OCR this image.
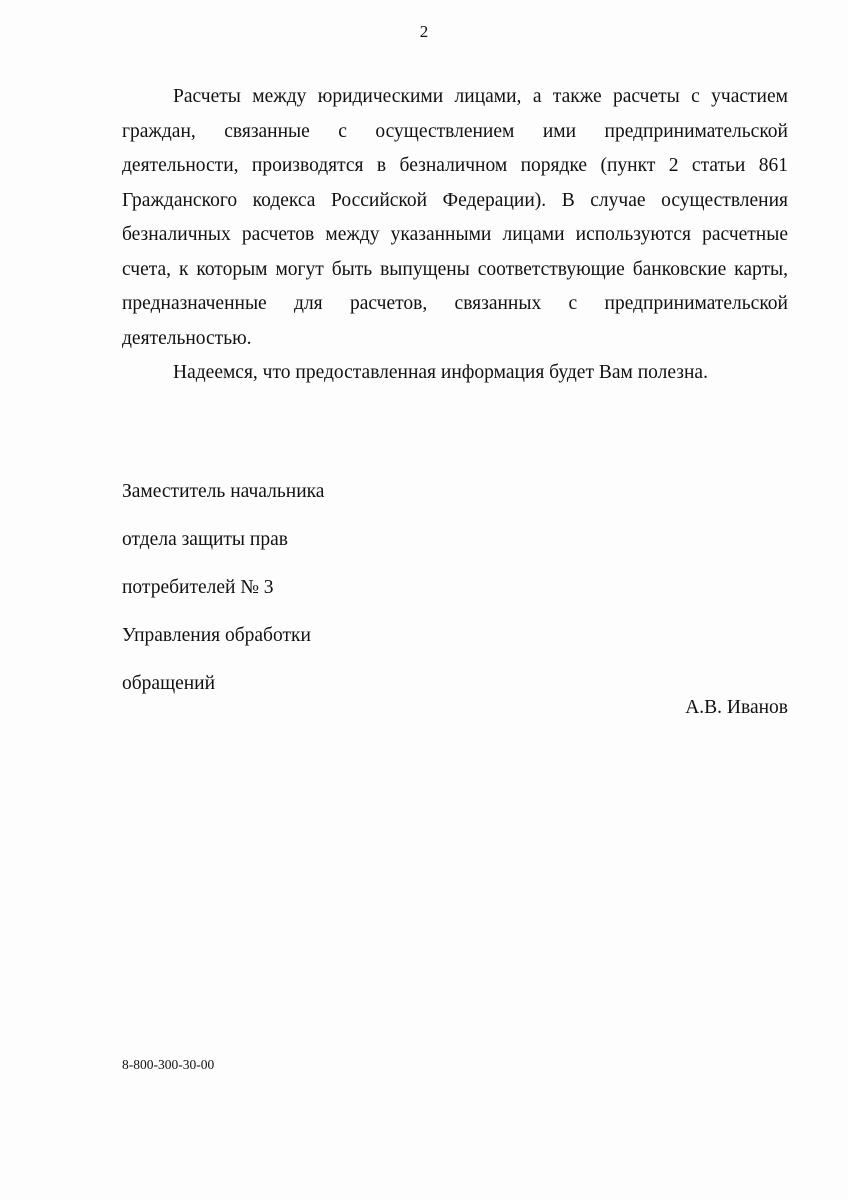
2

Расчеты между юридическими лицами, а также расчеты с участием граждан, связанные с осуществлением ими предпринимательской деятельности, производятся в безналичном порядке (пункт 2 статьи 861 Гражданского кодекса Российской Федерации). В случае осуществления безналичных расчетов между указанными лицами используются расчетные счета, к которым могут быть выпущены соответствующие банковские карты, предназначенные для расчетов, связанных с предпринимательской деятельностью.

Надеемся, что предоставленная информация будет Вам полезна.

Заместитель начальника

отдела защиты прав

потребителей № 3

Управления обработки

обращений

А.В. Иванов
8-800-300-30-00
